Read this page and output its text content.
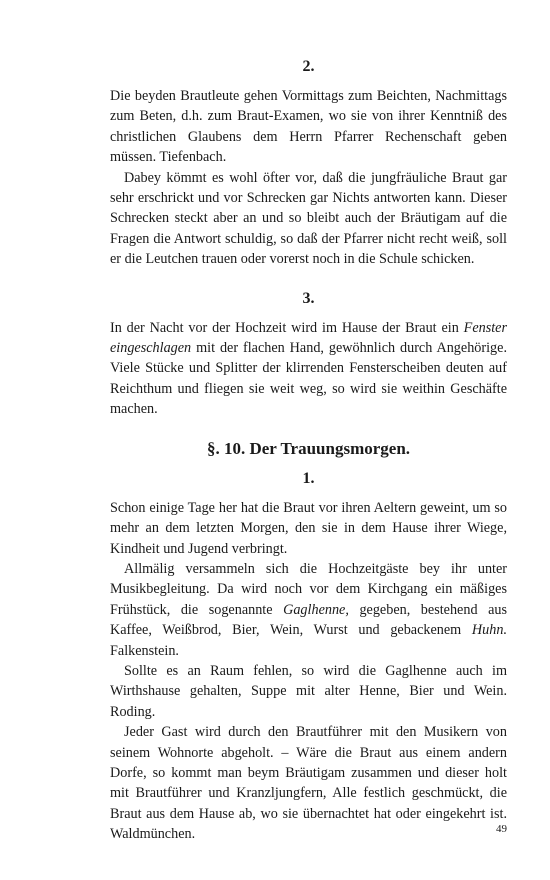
2.

Die beyden Brautleute gehen Vormittags zum Beichten, Nachmittags zum Beten, d.h. zum Braut-Examen, wo sie von ihrer Kenntniß des christlichen Glaubens dem Herrn Pfarrer Rechenschaft geben müssen. Tiefenbach.

Dabey kömmt es wohl öfter vor, daß die jungfräuliche Braut gar sehr erschrickt und vor Schrecken gar Nichts antworten kann. Dieser Schrecken steckt aber an und so bleibt auch der Bräutigam auf die Fragen die Antwort schuldig, so daß der Pfarrer nicht recht weiß, soll er die Leutchen trauen oder vorerst noch in die Schule schicken.

3.

In der Nacht vor der Hochzeit wird im Hause der Braut ein Fenster eingeschlagen mit der flachen Hand, gewöhnlich durch Angehörige. Viele Stücke und Splitter der klirrenden Fensterscheiben deuten auf Reichthum und fliegen sie weit weg, so wird sie weithin Geschäfte machen.

§. 10. Der Trauungsmorgen.
1.

Schon einige Tage her hat die Braut vor ihren Aeltern geweint, um so mehr an dem letzten Morgen, den sie in dem Hause ihrer Wiege, Kindheit und Jugend verbringt.

Allmälig versammeln sich die Hochzeitgäste bey ihr unter Musikbegleitung. Da wird noch vor dem Kirchgang ein mäßiges Frühstück, die sogenannte Gaglhenne, gegeben, bestehend aus Kaffee, Weißbrod, Bier, Wein, Wurst und gebackenem Huhn. Falkenstein.

Sollte es an Raum fehlen, so wird die Gaglhenne auch im Wirthshause gehalten, Suppe mit alter Henne, Bier und Wein. Roding.

Jeder Gast wird durch den Brautführer mit den Musikern von seinem Wohnorte abgeholt. – Wäre die Braut aus einem andern Dorfe, so kommt man beym Bräutigam zusammen und dieser holt mit Brautführer und Kranzljungfern, Alle festlich geschmückt, die Braut aus dem Hause ab, wo sie übernachtet hat oder eingekehrt ist. Waldmünchen.	49
